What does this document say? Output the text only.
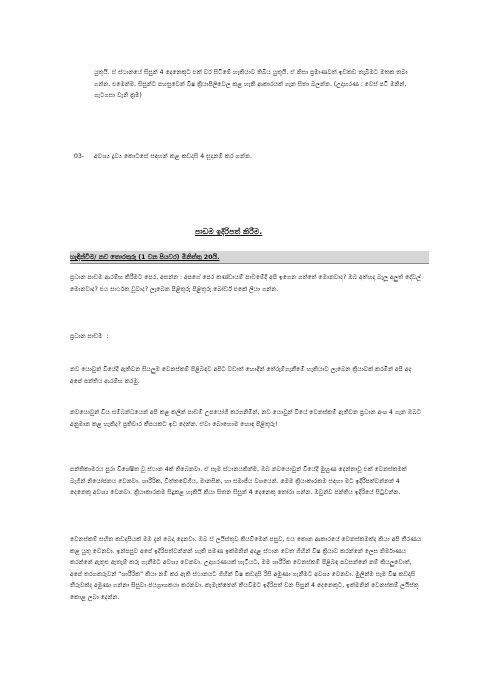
යුතුයි. ඒ ස්ථානයේ සිසුන් 4 දෙනෙකුට එක් වර සිටීමේ හැකියාව තිබිය යුතුයි. ඒ නිසා ප්‍රමාණවත් ඉඩකඩ තැබීමට මතක තබා ගන්න. එමෙන්ම, සිසුන්ට පහසුවෙන් විෂ ක්‍රියාපිලිවෙල කළ හැකි ආකාරයක් ගැන සිතා බලන්න. (උදාහරණ : වෙස් පටි මනින්, ගැටගසා වැනි ක්‍රම)

03- අවශ්‍ය ද්‍රව්‍ය කොටසේ සඳහන් කළ කඩදාසි 4 සූදානම් කර ගන්න.
පාඩම ඉදිරිපත් කිරීම.
හැඳින්වීම/ නව තොරතුරු (1 වන පියවර) මිනිත්තු 20යි.

ප්‍රධාන පාඩම ආරම්භ කිරීමට පෙර, අසන්න : අපගේ පෙර කණ්ඩායම් පාඩමේදී අපි ඉගෙන ගත්තේ මොනවාද? ඔබ අත්හදා බැලූ අලුත් දේවල් මොනවාද? එය සාර්ථක වූවාද? ලැබෙන පිළිතුරු පිළිතුරු බෝර්ඩ් එකේ ලියා ගන්න.

ප්‍රධාන පාඩම  :

නව යොවුන් වියේදී ඇතිවන සියලුම වෙනස්කම් පිළිබඳව අපිට වඩාත් හොඳින් තේරුම්ගැනීමේ හැකියාව ලැබෙන ක්‍රියාවක් කරමින් අපි අද අපේ පන්තිය ආරම්භ කරමු.

නවයොවුන් විය සම්බන්ධයෙන් අපි කළ කලින් පාඩම් උපයෝගී කරගනිමින්, නව යොවුන් වියේ වෙනස්කම් ඇතිවන ප්‍රධාන අංශ 4 ගැන ඔබට අනුමාන කළ හැකිද? ප්‍රතිචාර කීපයකට ඉඩ දෙන්න. ඒවා බොහොම හොඳ පිළිතුරු!

පන්තිකාමරය පුරා විශේෂිත වූ ස්ථාන 4ක් තිබෙනවා. ඒ සෑම ස්ථානයකින්ම, ඔබ නවයොවුන් වියේදී මුහුණ දෙන්නාවූ එක් වෙනස්කමක් බැගින් නියෝජනය වෙනවා. ශාරීරික, චිත්තවේගීය, මානසික, හා සමාජීය වශයෙන්. මෙම ක්‍රියාකාරකම සඳහා මට ඉදිරිපත්වන්නන් 4 දෙනෙකු අවශ්‍ය වෙනවා. ක්‍රියාකාරකම සිදුකළ හැකියි කියා සිතන සිසුන් 4 දෙනෙකු තෝරා ගන්න. ඔවුන්ව පන්තිය ඉදිරියේ සිටුවන්න.

වෙනස්කම් සහිත කඩදාසියක් මම දැන් බෙදා දෙනවා. ඔබ ඒ ලයිස්තුව කියවීමෙන් පසුව, එය කොන ආකාරයේ වෙනස්කමක්ද කියා අපි තීරණය කළ යුතු වෙනවා. ඉන්පසුව අපේ ඉදිරිපත්වන්නන් හැකි පමණ ඉක්මනින් අදාළ ස්ථාන වෙත ගිහින් විෂ ක්‍රියාව කරන්නේ ලෙස නිර්මාණය කරන්නේ ඇතුළු ඇතැම් කරු ගැනීමට අවශ්‍ය වෙනවා. උදාහරණයක් හැටියට, මම ශාරීරික වෙනස්කම් පිළිබඳ පවසන්නේ නම් කියලුවොත්, අපේ තරගකරුවන් “ශාරීරික” කියා නම් කර ඇති ස්ථානයට ගිහින් විෂ කඩදාසි රිසි අමුණා ගැනීමට අවශ්‍ය වෙනවා. මුලින්ම සෑම විෂ කඩදාසි තීරුවක්ද අමුණා ගන්නා සිසුවා ජයග්‍රාහකයා කරනවා. කැමැත්තෙන් කියවීමට ඉදිරිපත් වන සිසුන් 4 දෙනෙකුට, ඉක්මනින් වෙනස්කම් ලයිස්තු කොළ ලබා දෙන්න.
